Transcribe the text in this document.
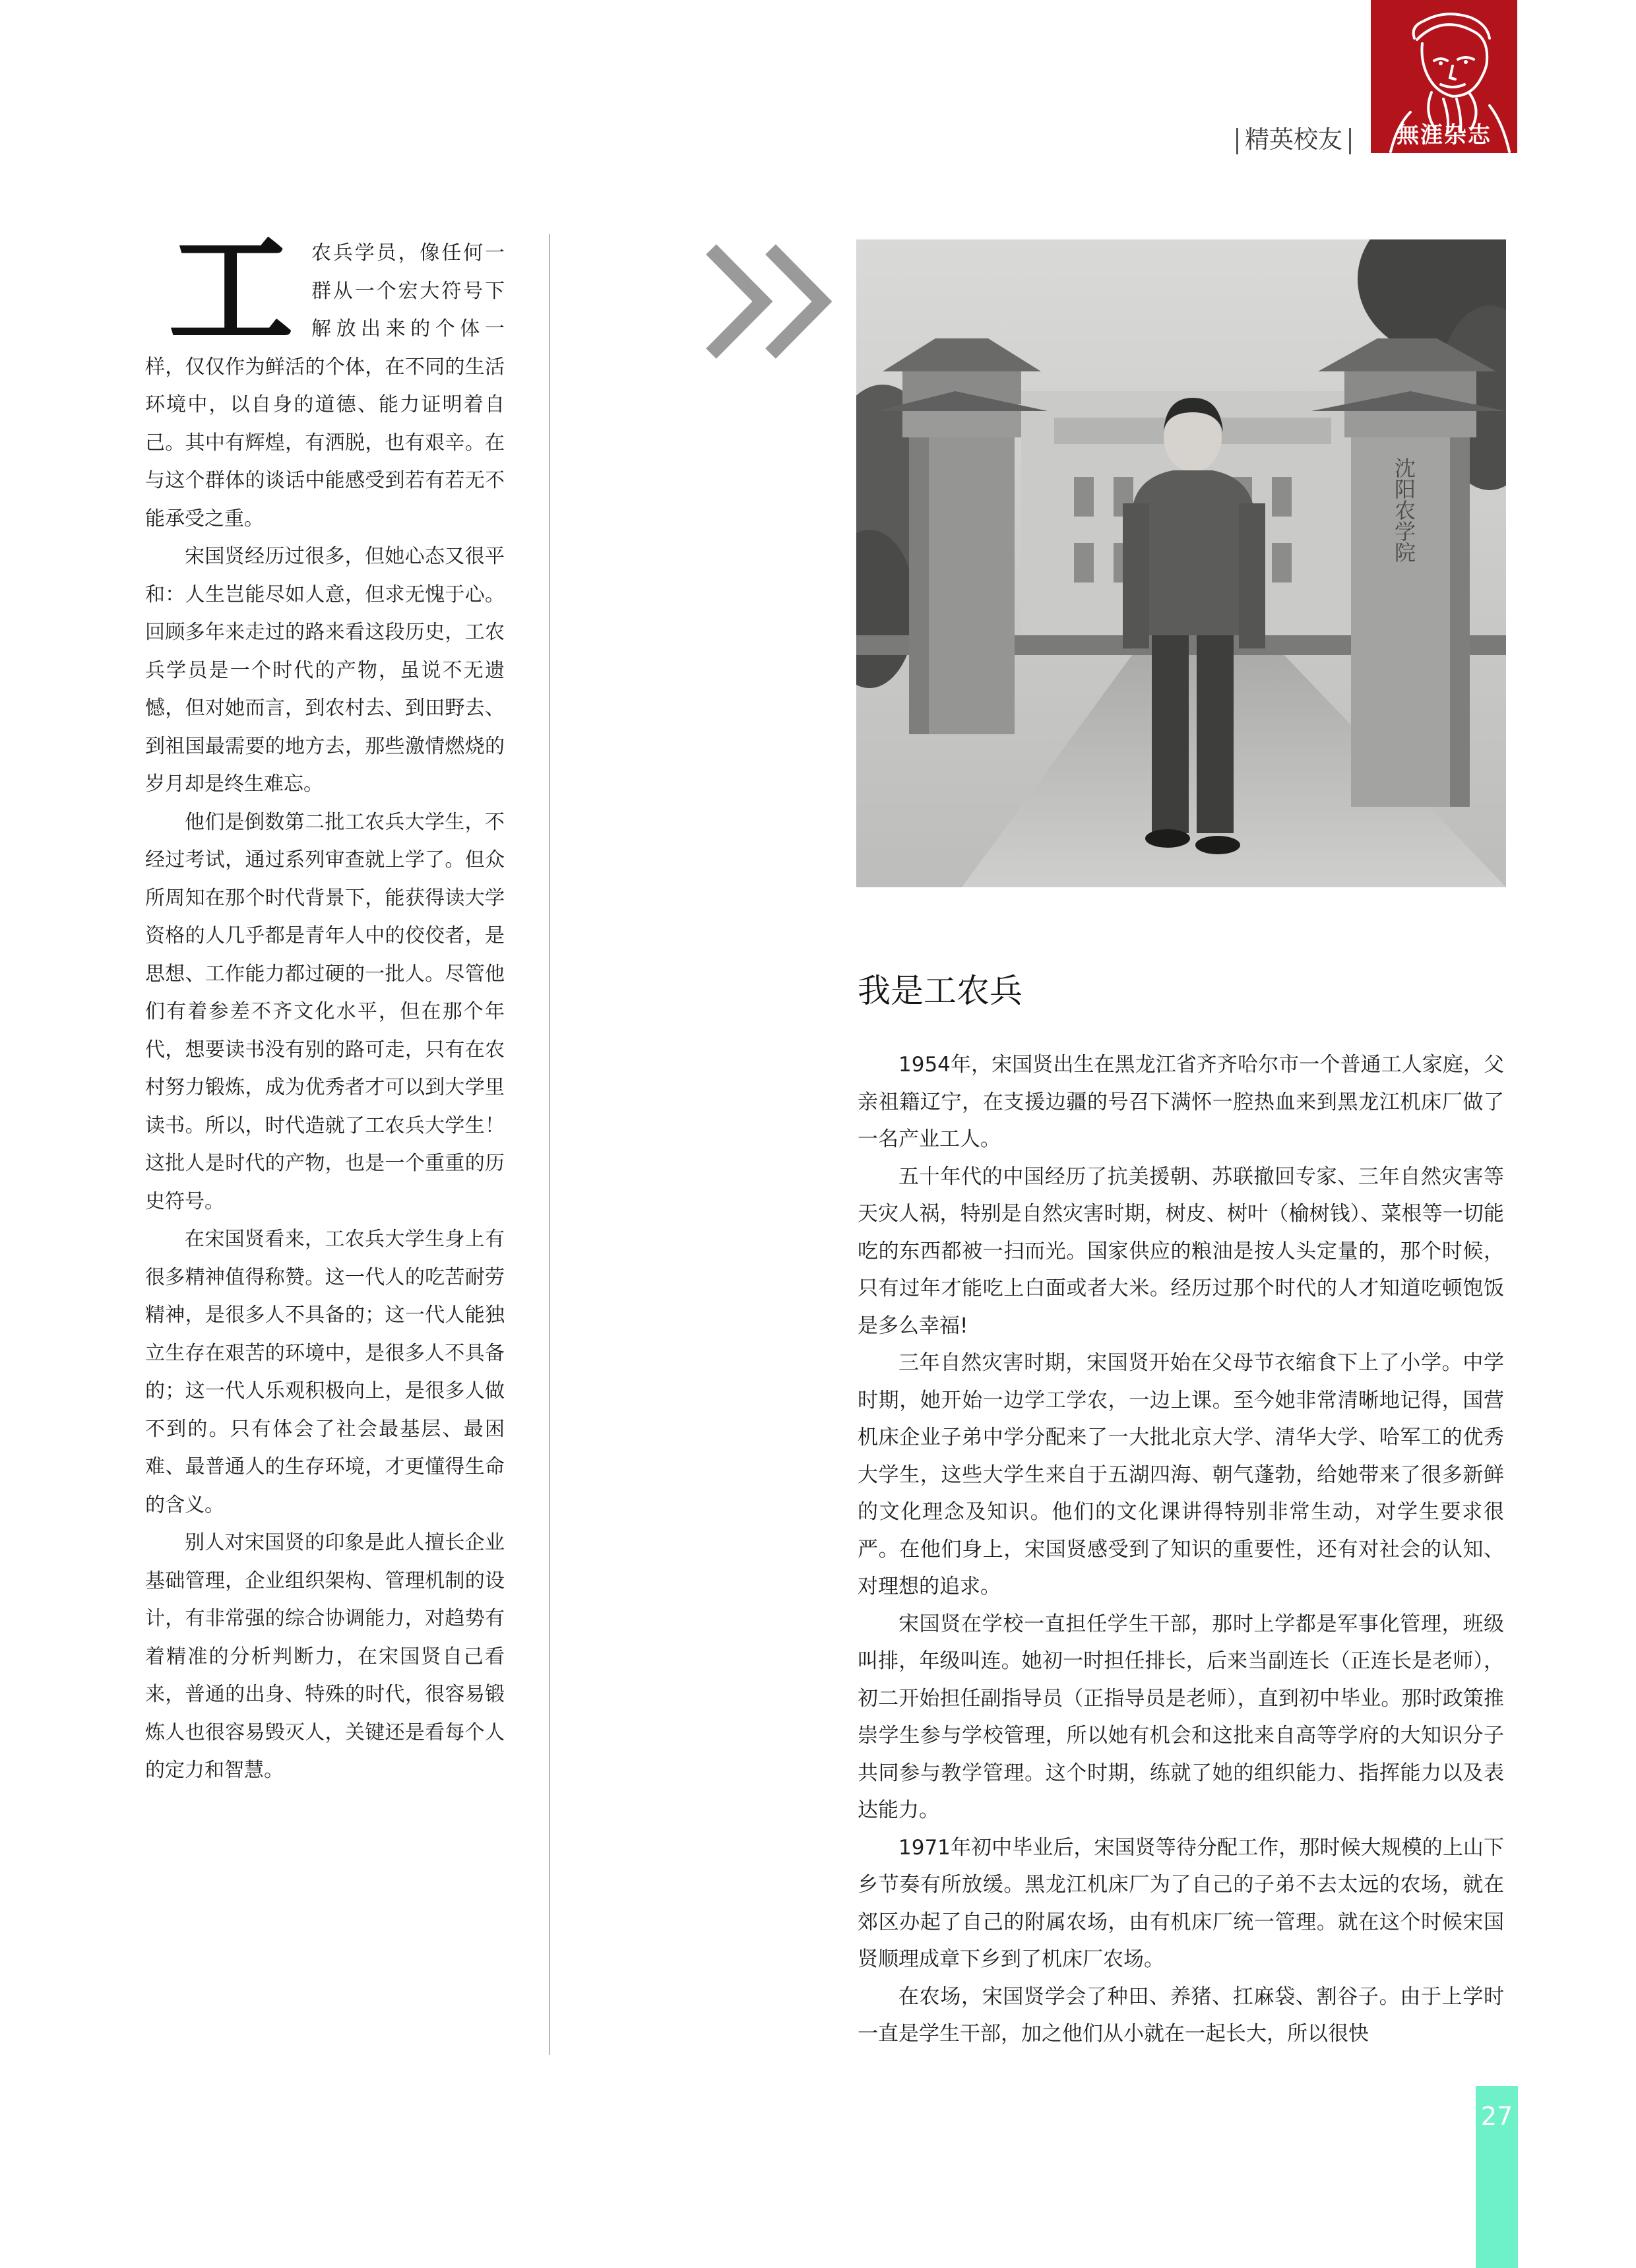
無涯杂志
精英校友

工农兵学员，像任何一群从一个宏大符号下解放出来的个体一样，仅仅作为鲜活的个体，在不同的生活环境中，以自身的道德、能力证明着自己。其中有辉煌，有洒脱，也有艰辛。在与这个群体的谈话中能感受到若有若无不能承受之重。

宋国贤经历过很多，但她心态又很平和：人生岂能尽如人意，但求无愧于心。回顾多年来走过的路来看这段历史，工农兵学员是一个时代的产物，虽说不无遗憾，但对她而言，到农村去、到田野去、到祖国最需要的地方去，那些激情燃烧的岁月却是终生难忘。

他们是倒数第二批工农兵大学生，不经过考试，通过系列审查就上学了。但众所周知在那个时代背景下，能获得读大学资格的人几乎都是青年人中的佼佼者，是思想、工作能力都过硬的一批人。尽管他们有着参差不齐文化水平，但在那个年代，想要读书没有别的路可走，只有在农村努力锻炼，成为优秀者才可以到大学里读书。所以，时代造就了工农兵大学生！这批人是时代的产物，也是一个重重的历史符号。

在宋国贤看来，工农兵大学生身上有很多精神值得称赞。这一代人的吃苦耐劳精神，是很多人不具备的；这一代人能独立生存在艰苦的环境中，是很多人不具备的；这一代人乐观积极向上，是很多人做不到的。只有体会了社会最基层、最困难、最普通人的生存环境，才更懂得生命的含义。

别人对宋国贤的印象是此人擅长企业基础管理，企业组织架构、管理机制的设计，有非常强的综合协调能力，对趋势有着精准的分析判断力，在宋国贤自己看来，普通的出身、特殊的时代，很容易锻炼人也很容易毁灭人，关键还是看每个人的定力和智慧。

沈阳农学院
我是工农兵

1954年，宋国贤出生在黑龙江省齐齐哈尔市一个普通工人家庭，父亲祖籍辽宁，在支援边疆的号召下满怀一腔热血来到黑龙江机床厂做了一名产业工人。

五十年代的中国经历了抗美援朝、苏联撤回专家、三年自然灾害等天灾人祸，特别是自然灾害时期，树皮、树叶（榆树钱）、菜根等一切能吃的东西都被一扫而光。国家供应的粮油是按人头定量的，那个时候，只有过年才能吃上白面或者大米。经历过那个时代的人才知道吃顿饱饭是多么幸福!

三年自然灾害时期，宋国贤开始在父母节衣缩食下上了小学。中学时期，她开始一边学工学农，一边上课。至今她非常清晰地记得，国营机床企业子弟中学分配来了一大批北京大学、清华大学、哈军工的优秀大学生，这些大学生来自于五湖四海、朝气蓬勃，给她带来了很多新鲜的文化理念及知识。他们的文化课讲得特别非常生动，对学生要求很严。在他们身上，宋国贤感受到了知识的重要性，还有对社会的认知、对理想的追求。

宋国贤在学校一直担任学生干部，那时上学都是军事化管理，班级叫排，年级叫连。她初一时担任排长，后来当副连长（正连长是老师），初二开始担任副指导员（正指导员是老师），直到初中毕业。那时政策推崇学生参与学校管理，所以她有机会和这批来自高等学府的大知识分子共同参与教学管理。这个时期，练就了她的组织能力、指挥能力以及表达能力。

1971年初中毕业后，宋国贤等待分配工作，那时候大规模的上山下乡节奏有所放缓。黑龙江机床厂为了自己的子弟不去太远的农场，就在郊区办起了自己的附属农场，由有机床厂统一管理。就在这个时候宋国贤顺理成章下乡到了机床厂农场。

在农场，宋国贤学会了种田、养猪、扛麻袋、割谷子。由于上学时一直是学生干部，加之他们从小就在一起长大，所以很快

27
